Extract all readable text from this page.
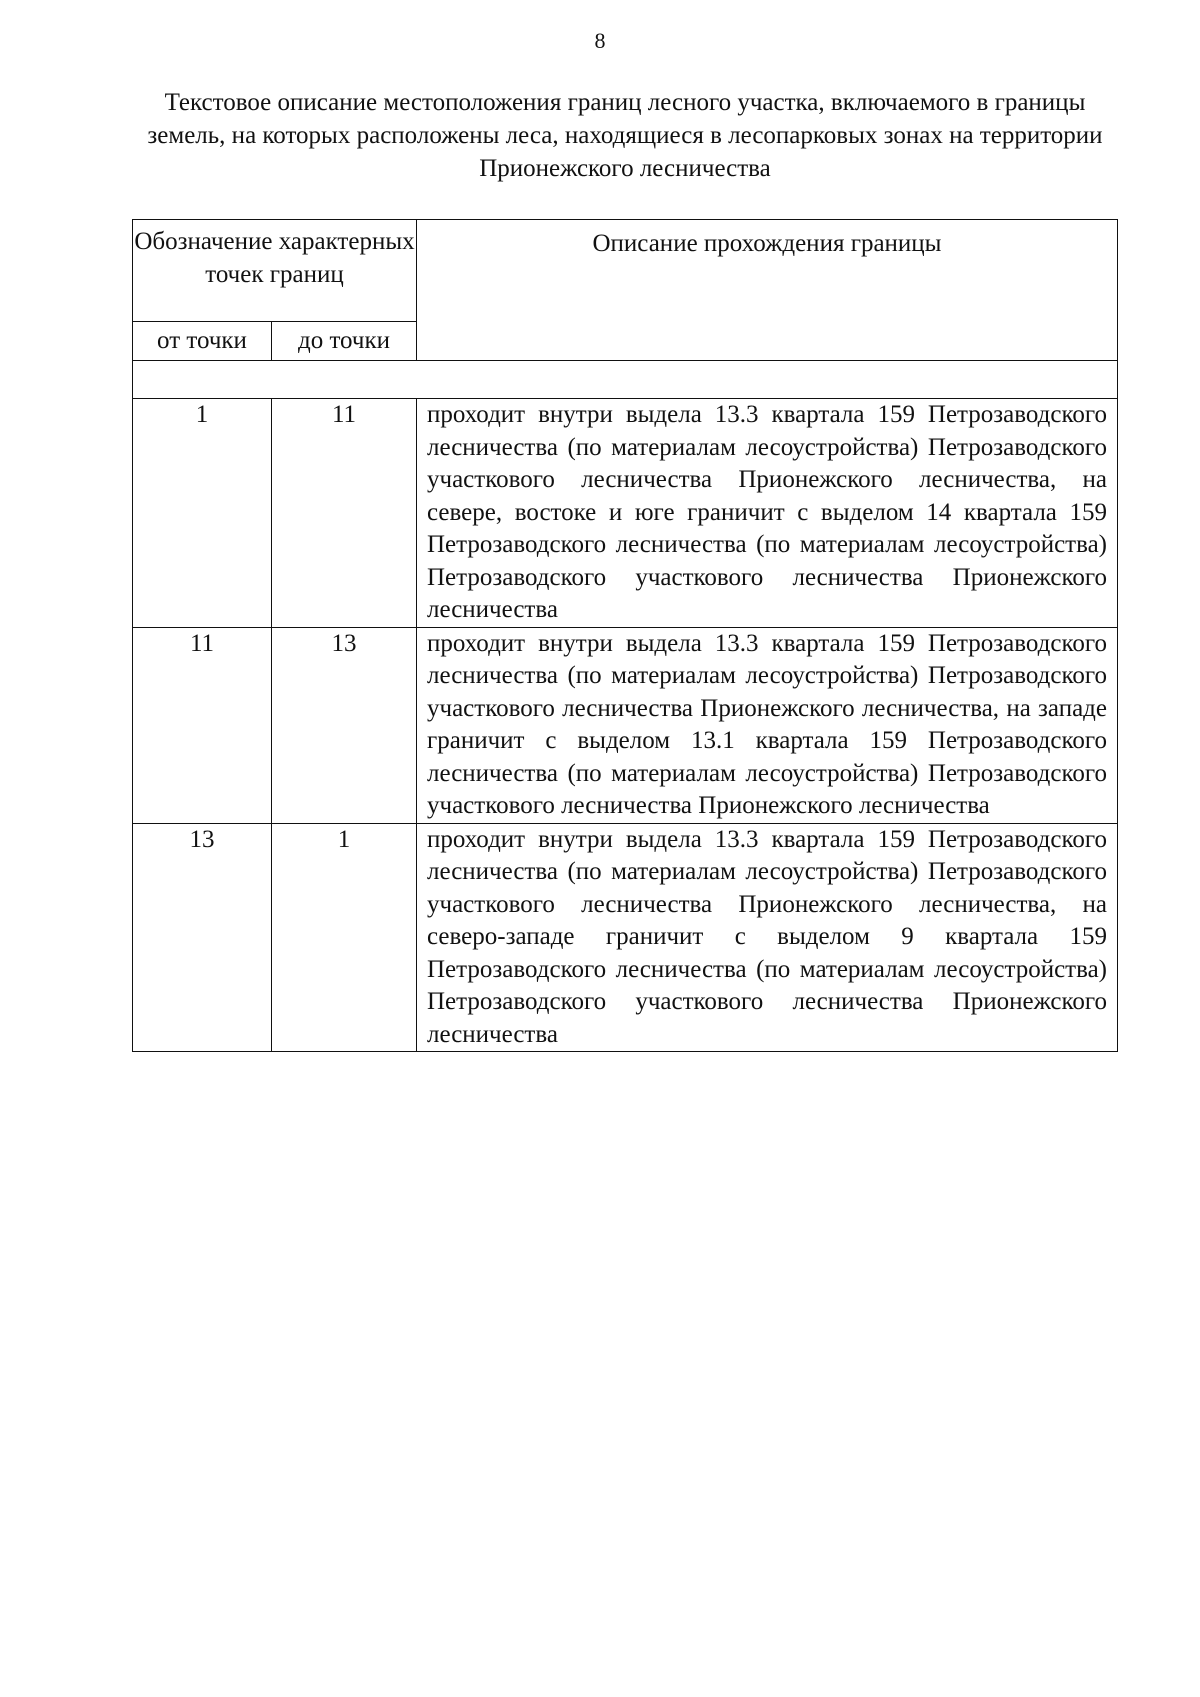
8
Текстовое описание местоположения границ лесного участка, включаемого в границы земель, на которых расположены леса, находящиеся в лесопарковых зонах на территории Прионежского лесничества
Обозначение характерных точек границ		Описание прохождения границы
от точки	до точки	

1	11	проходит внутри выдела 13.3 квартала 159 Петрозаводского лесничества (по материалам лесоустройства) Петрозаводского участкового лесничества Прионежского лесничества, на севере, востоке и юге граничит с выделом 14 квартала 159 Петрозаводского лесничества (по материалам лесоустройства) Петрозаводского участкового лесничества Прионежского лесничества
11	13	проходит внутри выдела 13.3 квартала 159 Петрозаводского лесничества (по материалам лесоустройства) Петрозаводского участкового лесничества Прионежского лесничества, на западе граничит с выделом 13.1 квартала 159 Петрозаводского лесничества (по материалам лесоустройства) Петрозаводского участкового лесничества Прионежского лесничества
13	1	проходит внутри выдела 13.3 квартала 159 Петрозаводского лесничества (по материалам лесоустройства) Петрозаводского участкового лесничества Прионежского лесничества, на северо-западе граничит с выделом 9 квартала 159 Петрозаводского лесничества (по материалам лесоустройства) Петрозаводского участкового лесничества Прионежского лесничества
